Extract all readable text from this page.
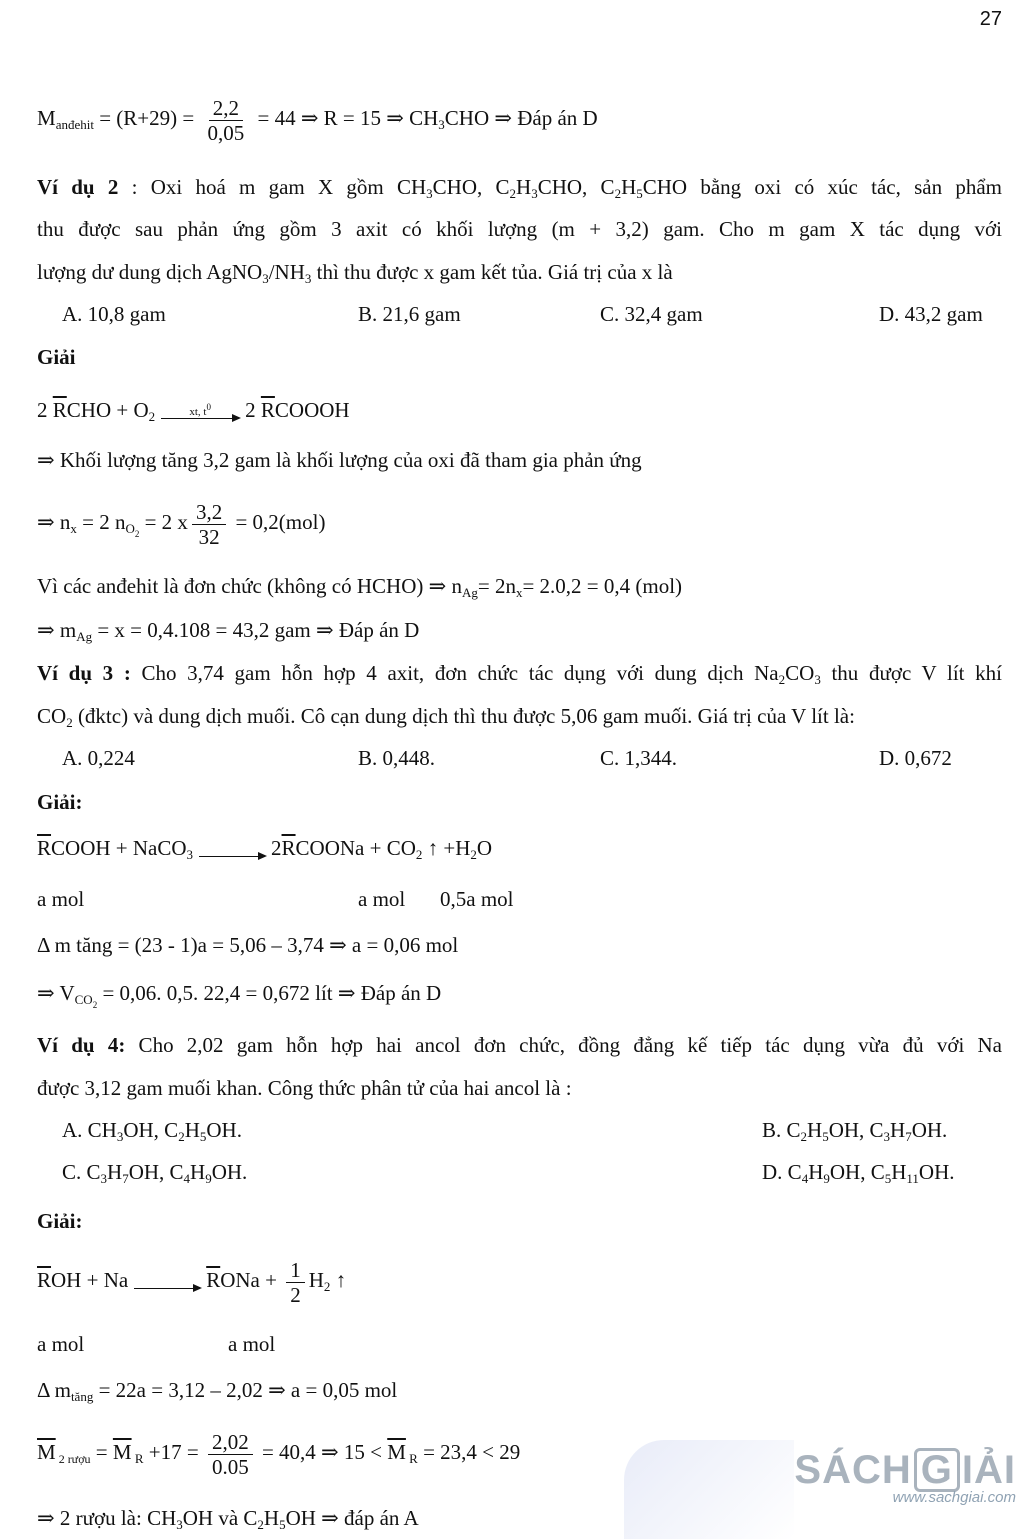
27
$M_{anđehit} = (R+29) = \frac{2,2}{0,05} = 44$ ⇒ R = 15 ⇒ $CH_3CHO$ ⇒ Đáp án D
Ví dụ 2 : Oxi hoá m gam X gồm $CH_3CHO$, $C_2H_3CHO$, $C_2H_5CHO$ bằng oxi có xúc tác, sản phẩm
thu được sau phản ứng gồm 3 axit có khối lượng (m + 3,2) gam. Cho m gam X tác dụng với
lượng dư dung dịch $AgNO_3/NH_3$ thì thu được x gam kết tủa. Giá trị của x là
A. 10,8 gam	B. 21,6 gam	C. 32,4 gam	D. 43,2 gam
Giải
2 $\overline{R}CHO + O_2$	xt, $t^0$ 2 $\overline{R}COOOH$
⇒ Khối lượng tăng 3,2 gam là khối lượng của oxi đã tham gia phản ứng
⇒ $n_x = 2$ $n_{O_2} = 2$ x $\frac{3,2}{32} = 0,2(mol)$
Vì các anđehit là đơn chức (không có HCHO) ⇒ $n_{Ag}= 2n_x= 2.0,2 = 0,4$ (mol)
⇒ $m_{Ag} = x = 0,4.108 = 43,2$ gam ⇒ Đáp án D
Ví dụ 3 : Cho 3,74 gam hỗn hợp 4 axit, đơn chức tác dụng với dung dịch $Na_2CO_3$ thu được V lít khí
$CO_2$ (đktc) và dung dịch muối. Cô cạn dung dịch thì thu được 5,06 gam muối. Giá trị của V lít là:
A. 0,224	B. 0,448.	C. 1,344.	D. 0,672
Giải:
$\overline{R}COOH$ + NaCO$_3$
→ $2\overline{R}COONa + CO_2$ ↑ $+H_2O$
a mol	a mol 0,5a mol
Δ m tăng = (23 - 1)a = 5,06 – 3,74 ⇒ a = 0,06 mol
⇒ $V_{CO_2} = 0,06$. 0,5. 22,4 = 0,672 lít ⇒ Đáp án D
Ví dụ 4: Cho 2,02 gam hỗn hợp hai ancol đơn chức, đồng đẳng kế tiếp tác dụng vừa đủ với Na
được 3,12 gam muối khan. Công thức phân tử của hai ancol là :
A. $CH_3OH$, $C_2H_5OH$.	B. $C_2H_5OH$, $C_3H_7OH$.
C. $C_3H_7OH$, $C_4H_9OH$.	D. $C_4H_9OH$, $C_5H_{11}OH$.
Giải:
$\overline{R}OH + Na$
→ $\overline{R}ONa + \frac{1}{2} H_2$ ↑
a mol	a mol
Δ $m_{tăng} = 22a = 3,12 - 2,02$ ⇒ a = 0,05 mol
$\overline{M}$ $_{2 rượu} = \overline{M}$ $_R +17 = \frac{2,02}{0.05} = 40,4$ ⇒ $15 < \overline{M}$ $_R$ = 23,4 < 29
⇒ 2 rượu là: $CH_3OH$ và $C_2H_5OH$ ⇒ đáp án A
SÁCH G IẢI
www.sachgiai.com
